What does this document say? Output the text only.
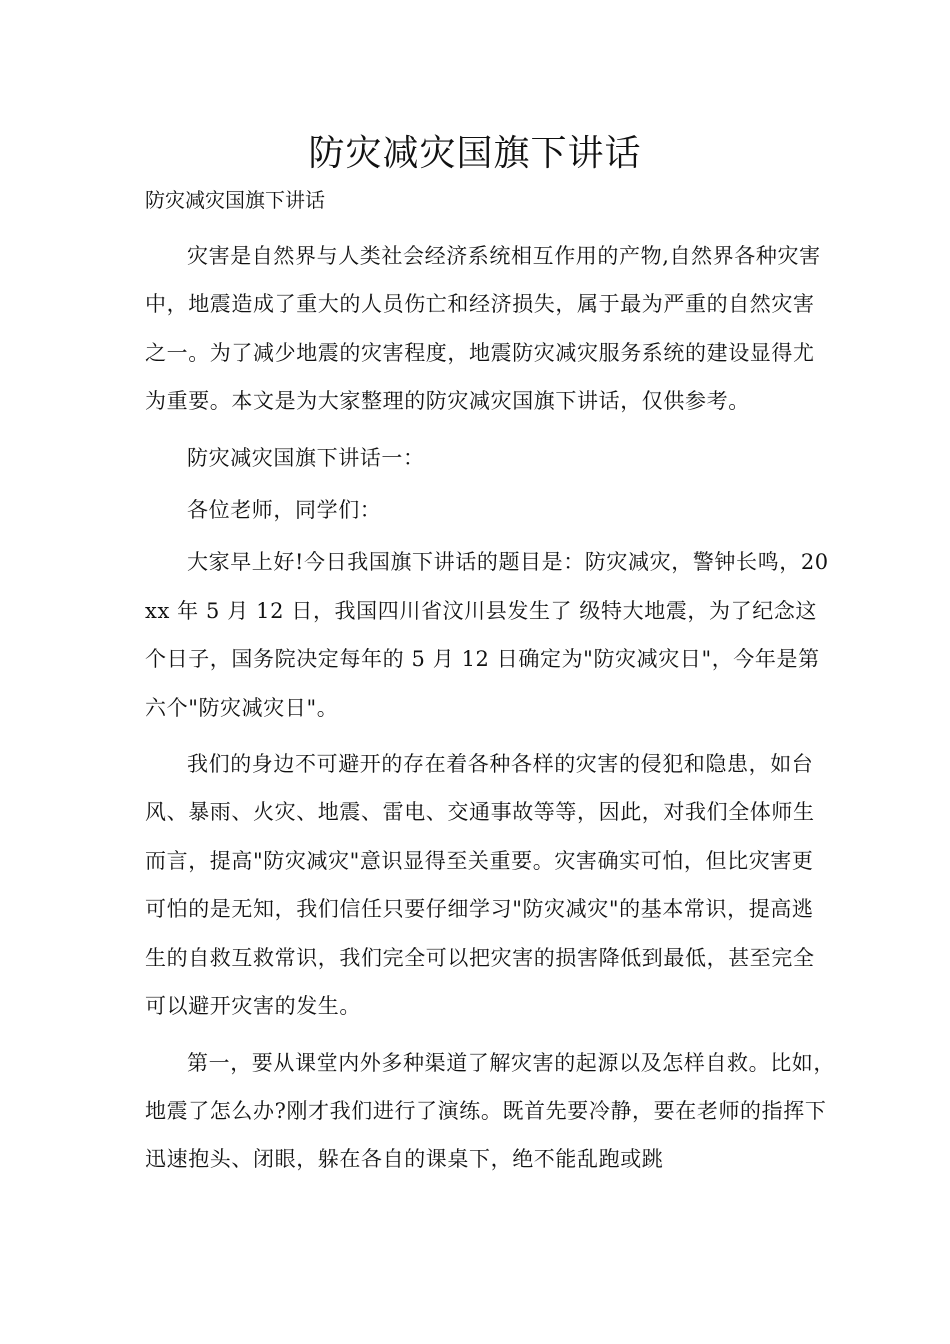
防灾减灾国旗下讲话

防灾减灾国旗下讲话

灾害是自然界与人类社会经济系统相互作用的产物,自然界各种灾害中，地震造成了重大的人员伤亡和经济损失，属于最为严重的自然灾害之一。为了减少地震的灾害程度，地震防灾减灾服务系统的建设显得尤为重要。本文是为大家整理的防灾减灾国旗下讲话，仅供参考。

防灾减灾国旗下讲话一：

各位老师，同学们：

大家早上好!今日我国旗下讲话的题目是：防灾减灾，警钟长鸣，20xx 年 5 月 12 日，我国四川省汶川县发生了 级特大地震，为了纪念这个日子，国务院决定每年的 5 月 12 日确定为"防灾减灾日"，今年是第六个"防灾减灾日"。

我们的身边不可避开的存在着各种各样的灾害的侵犯和隐患，如台风、暴雨、火灾、地震、雷电、交通事故等等，因此，对我们全体师生而言，提高"防灾减灾"意识显得至关重要。灾害确实可怕，但比灾害更可怕的是无知，我们信任只要仔细学习"防灾减灾"的基本常识，提高逃生的自救互救常识，我们完全可以把灾害的损害降低到最低，甚至完全可以避开灾害的发生。

第一，要从课堂内外多种渠道了解灾害的起源以及怎样自救。比如，地震了怎么办?刚才我们进行了演练。既首先要冷静，要在老师的指挥下迅速抱头、闭眼，躲在各自的课桌下，绝不能乱跑或跳
